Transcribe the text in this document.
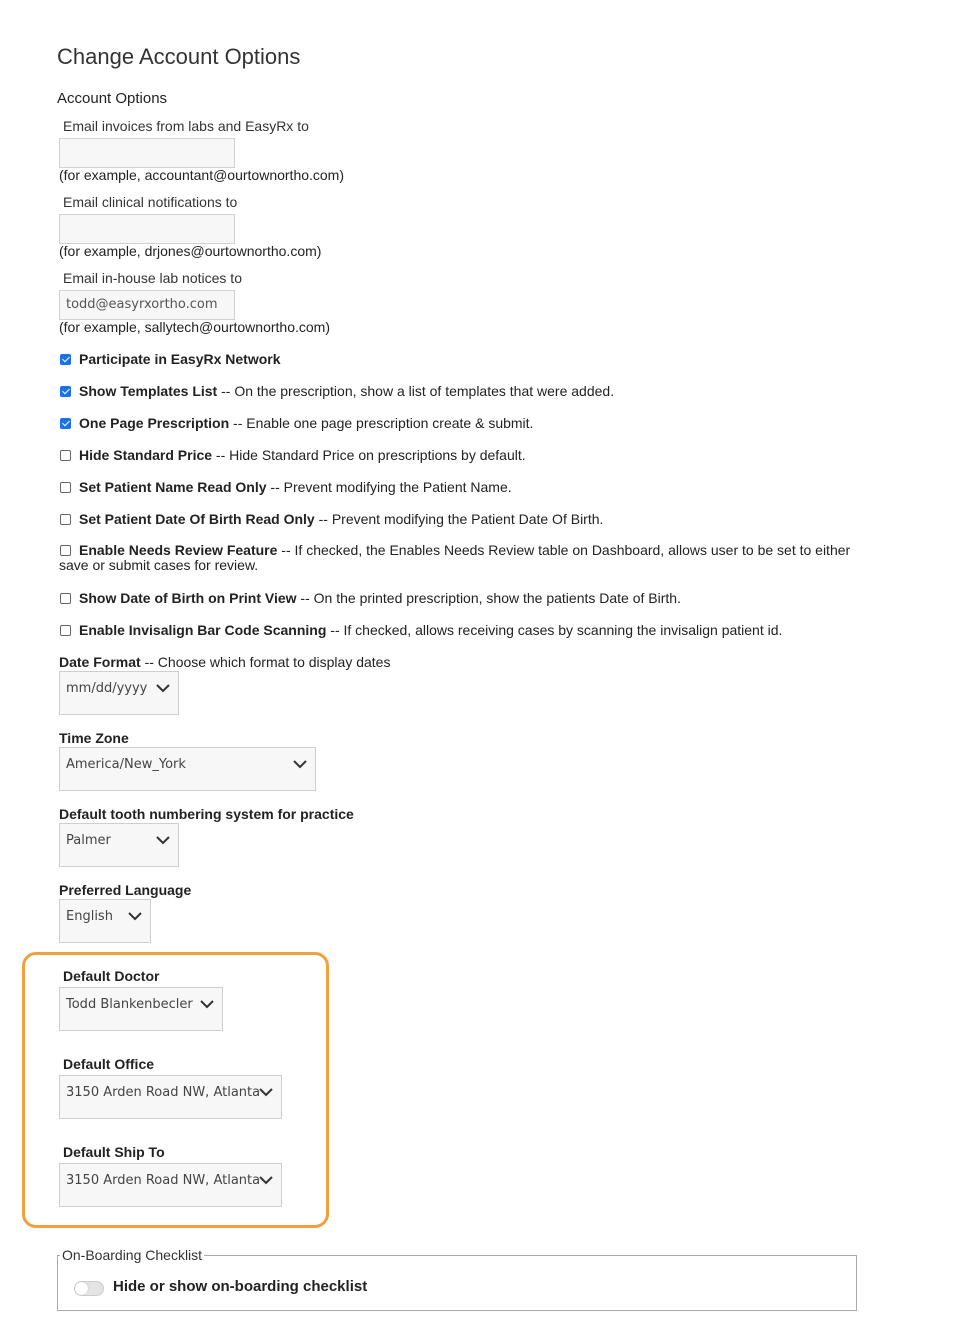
Change Account Options
Account Options
Email invoices from labs and EasyRx to
(for example, accountant@ourtownortho.com)
Email clinical notifications to
(for example, drjones@ourtownortho.com)
Email in-house lab notices to
todd@easyrxortho.com
(for example, sallytech@ourtownortho.com)
Participate in EasyRx Network
Show Templates List -- On the prescription, show a list of templates that were added.
One Page Prescription -- Enable one page prescription create & submit.
Hide Standard Price -- Hide Standard Price on prescriptions by default.
Set Patient Name Read Only -- Prevent modifying the Patient Name.
Set Patient Date Of Birth Read Only -- Prevent modifying the Patient Date Of Birth.
Enable Needs Review Feature -- If checked, the Enables Needs Review table on Dashboard, allows user to be set to either save or submit cases for review.
Show Date of Birth on Print View -- On the printed prescription, show the patients Date of Birth.
Enable Invisalign Bar Code Scanning -- If checked, allows receiving cases by scanning the invisalign patient id.
Date Format -- Choose which format to display dates
mm/dd/yyyy
Time Zone
America/New_York
Default tooth numbering system for practice
Palmer
Preferred Language
English
Default Doctor
Todd Blankenbecler
Default Office
3150 Arden Road NW, Atlanta
Default Ship To
3150 Arden Road NW, Atlanta
On-Boarding Checklist
Hide or show on-boarding checklist
